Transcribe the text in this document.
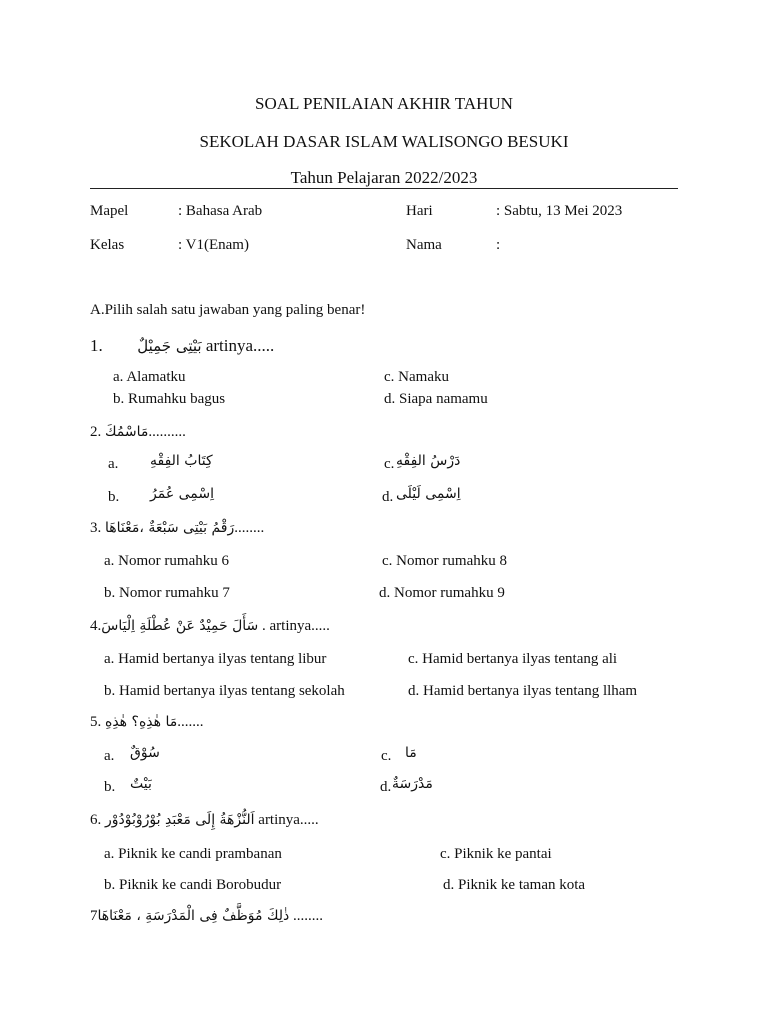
SOAL PENILAIAN AKHIR TAHUN
SEKOLAH DASAR ISLAM WALISONGO BESUKI
Tahun Pelajaran 2022/2023
Mapel	: Bahasa Arab	Hari	: Sabtu, 13 Mei 2023
Kelas	: V1(Enam)	Nama	:
A.Pilih salah satu jawaban yang paling benar!
1. بَيْتِى جَمِيْلٌ artinya.....
a. Alamatku
b. Rumahku bagus
c. Namaku
d. Siapa namamu
2. مَاسْمُكَ..........
a. كِتَابُ الفِقْهِ
b. اِسْمِى عُمَرُ
c. دَرْسُ الفِقْهِ
d. اِسْمِى لَيْلَى
3. رَقْمُ بَيْتِى سَبْعَةٌ ،مَعْنَاهَا........
a. Nomor rumahku 6
b. Nomor rumahku 7
c. Nomor rumahku 8
d. Nomor rumahku 9
4.سَأَلَ حَمِيْدٌ عَنْ عُطْلَةِ اِلْيَاسَ . artinya.....
a. Hamid bertanya ilyas tentang libur
b. Hamid bertanya ilyas tentang sekolah
c. Hamid bertanya ilyas tentang ali
d. Hamid bertanya ilyas tentang llham
5. مَا هٰذِهِ؟ هٰذِهِ.......
a. سُوْقٌ
b. بَيْتٌ
c. مَا
d. مَدْرَسَةٌ
6. اَلنُّزْهَةُ إِلَى مَعْبَدِ بُوْرُوْبُوْدُوْر artinya.....
a. Piknik ke candi prambanan
b. Piknik ke candi Borobudur
c. Piknik ke pantai
d. Piknik ke taman kota
7ذٰلِكَ مُوَظَّفٌ فِى الْمَدْرَسَةِ ، مَعْنَاهَا ........
